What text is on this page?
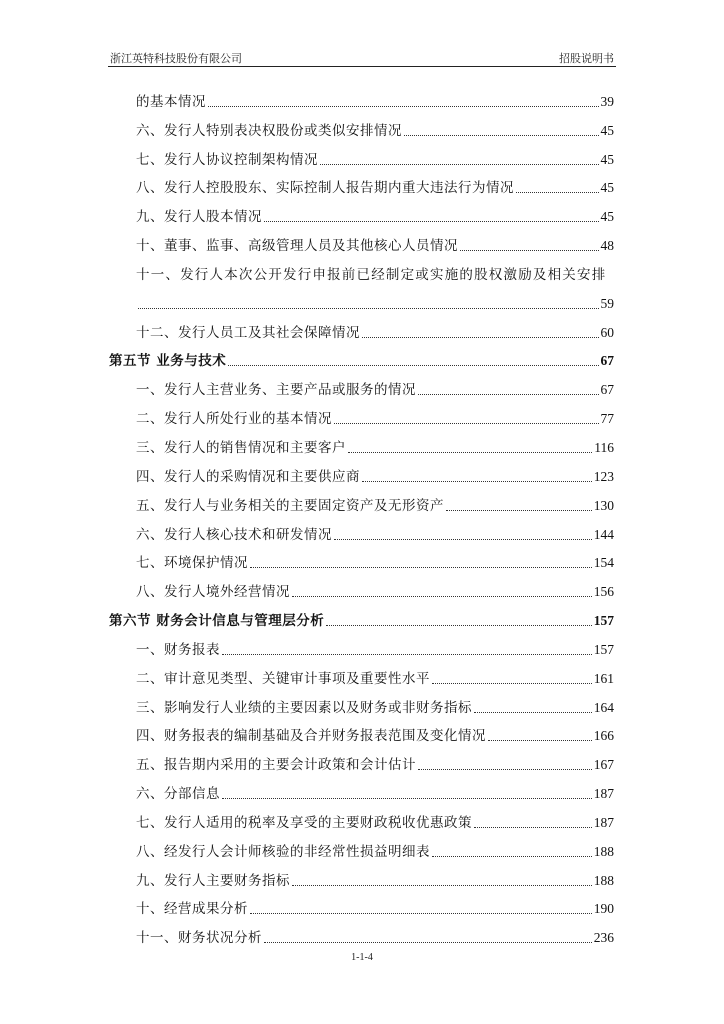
浙江英特科技股份有限公司	招股说明书
的基本情况	39
六、发行人特别表决权股份或类似安排情况	45
七、发行人协议控制架构情况	45
八、发行人控股股东、实际控制人报告期内重大违法行为情况	45
九、发行人股本情况	45
十、董事、监事、高级管理人员及其他核心人员情况	48
十一、发行人本次公开发行申报前已经制定或实施的股权激励及相关安排
59
十二、发行人员工及其社会保障情况	60
第五节 业务与技术	67
一、发行人主营业务、主要产品或服务的情况	67
二、发行人所处行业的基本情况	77
三、发行人的销售情况和主要客户	116
四、发行人的采购情况和主要供应商	123
五、发行人与业务相关的主要固定资产及无形资产	130
六、发行人核心技术和研发情况	144
七、环境保护情况	154
八、发行人境外经营情况	156
第六节 财务会计信息与管理层分析	157
一、财务报表	157
二、审计意见类型、关键审计事项及重要性水平	161
三、影响发行人业绩的主要因素以及财务或非财务指标	164
四、财务报表的编制基础及合并财务报表范围及变化情况	166
五、报告期内采用的主要会计政策和会计估计	167
六、分部信息	187
七、发行人适用的税率及享受的主要财政税收优惠政策	187
八、经发行人会计师核验的非经常性损益明细表	188
九、发行人主要财务指标	188
十、经营成果分析	190
十一、财务状况分析	236
1-1-4
